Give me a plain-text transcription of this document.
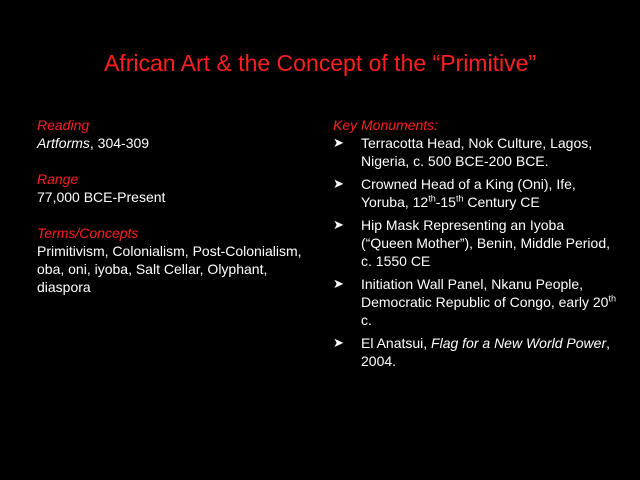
African Art & the Concept of the “Primitive”
Reading
Artforms, 304-309
Range
77,000 BCE-Present
Terms/Concepts
Primitivism, Colonialism, Post-Colonialism, oba, oni, iyoba, Salt Cellar, Olyphant, diaspora
Key Monuments:
➤	Terracotta Head, Nok Culture, Lagos, Nigeria, c. 500 BCE-200 BCE.
➤	Crowned Head of a King (Oni), Ife, Yoruba, 12th-15th Century CE
➤	Hip Mask Representing an Iyoba (“Queen Mother”), Benin, Middle Period, c. 1550 CE
➤	Initiation Wall Panel, Nkanu People, Democratic Republic of Congo, early 20th c.
➤	El Anatsui, Flag for a New World Power, 2004.
